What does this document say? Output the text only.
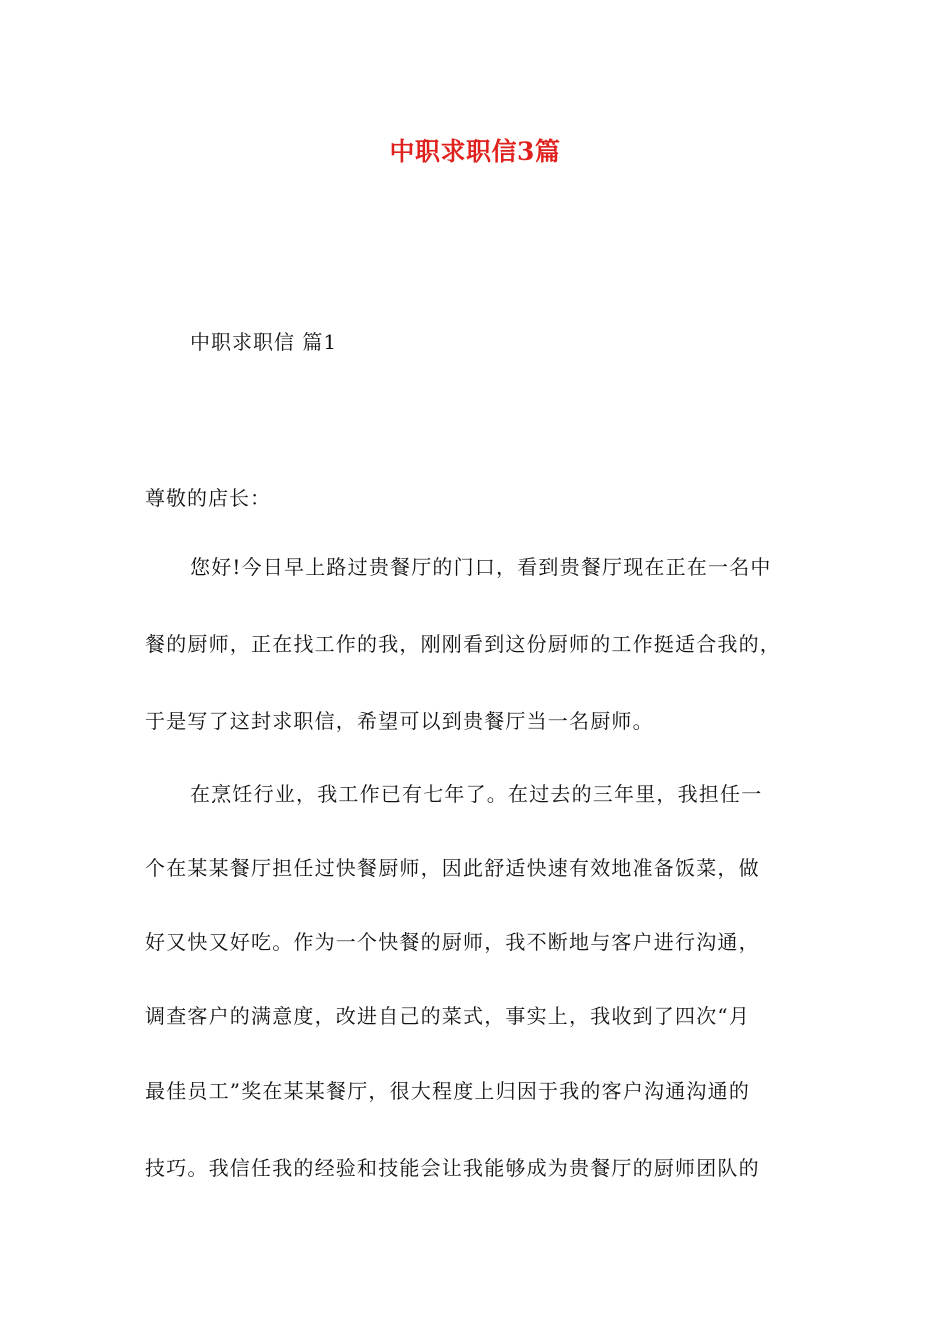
中职求职信3篇
中职求职信 篇1
尊敬的店长：
您好!今日早上路过贵餐厅的门口，看到贵餐厅现在正在一名中
餐的厨师，正在找工作的我，刚刚看到这份厨师的工作挺适合我的，
于是写了这封求职信，希望可以到贵餐厅当一名厨师。
在烹饪行业，我工作已有七年了。在过去的三年里，我担任一
个在某某餐厅担任过快餐厨师，因此舒适快速有效地准备饭菜，做
好又快又好吃。作为一个快餐的厨师，我不断地与客户进行沟通，
调查客户的满意度，改进自己的菜式，事实上，我收到了四次“月
最佳员工”奖在某某餐厅，很大程度上归因于我的客户沟通沟通的
技巧。我信任我的经验和技能会让我能够成为贵餐厅的厨师团队的
